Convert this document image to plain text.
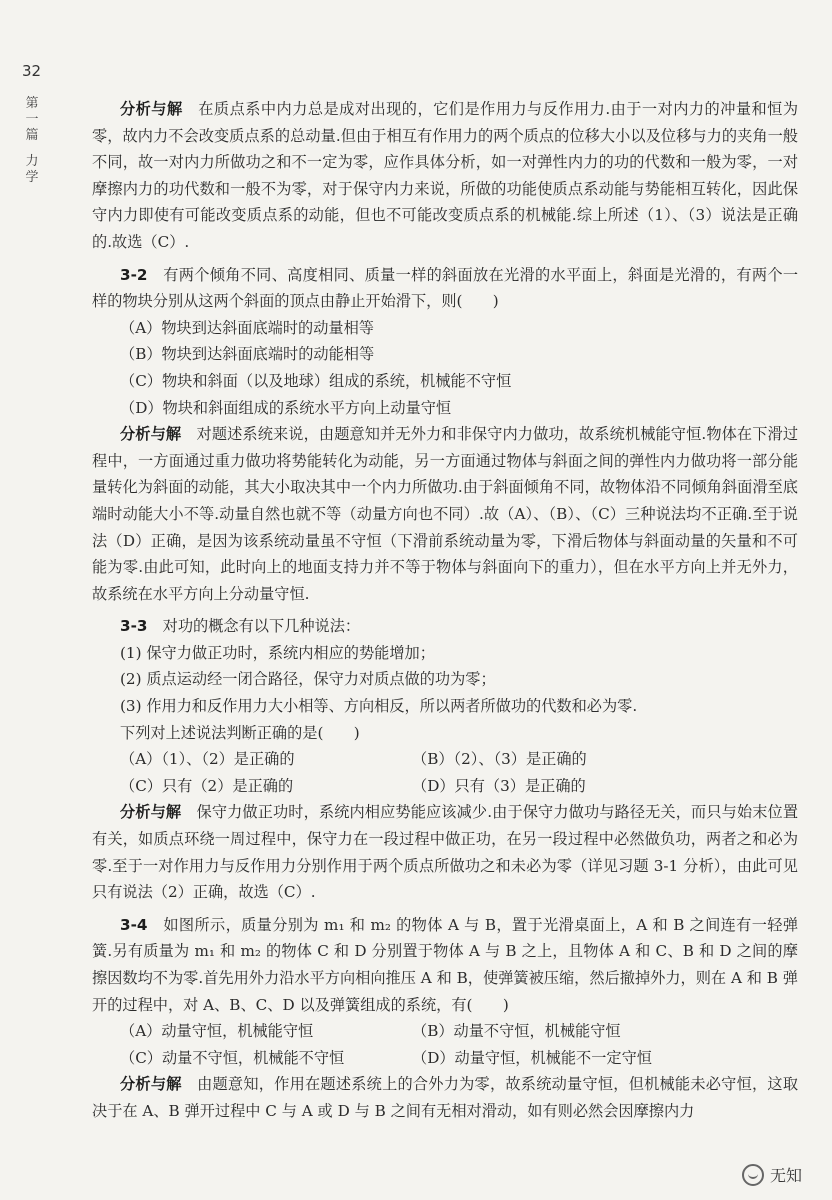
32
第一篇
力学

分析与解　 在质点系中内力总是成对出现的，它们是作用力与反作用力.由于一对内力的冲量和恒为零，故内力不会改变质点系的总动量.但由于相互有作用力的两个质点的位移大小以及位移与力的夹角一般不同，故一对内力所做功之和不一定为零，应作具体分析，如一对弹性内力的功的代数和一般为零，一对摩擦内力的功代数和一般不为零，对于保守内力来说，所做的功能使质点系动能与势能相互转化，因此保守内力即使有可能改变质点系的动能，但也不可能改变质点系的机械能.综上所述（1）、（3）说法是正确的.故选（C）.

3-2　 有两个倾角不同、高度相同、质量一样的斜面放在光滑的水平面上，斜面是光滑的，有两个一样的物块分别从这两个斜面的顶点由静止开始滑下，则(　　)

（A）物块到达斜面底端时的动量相等

（B）物块到达斜面底端时的动能相等

（C）物块和斜面（以及地球）组成的系统，机械能不守恒

（D）物块和斜面组成的系统水平方向上动量守恒

分析与解　 对题述系统来说，由题意知并无外力和非保守内力做功，故系统机械能守恒.物体在下滑过程中，一方面通过重力做功将势能转化为动能，另一方面通过物体与斜面之间的弹性内力做功将一部分能量转化为斜面的动能，其大小取决其中一个内力所做功.由于斜面倾角不同，故物体沿不同倾角斜面滑至底端时动能大小不等.动量自然也就不等（动量方向也不同）.故（A）、（B）、（C）三种说法均不正确.至于说法（D）正确，是因为该系统动量虽不守恒（下滑前系统动量为零，下滑后物体与斜面动量的矢量和不可能为零.由此可知，此时向上的地面支持力并不等于物体与斜面向下的重力），但在水平方向上并无外力，故系统在水平方向上分动量守恒.

3-3　 对功的概念有以下几种说法：

(1) 保守力做正功时，系统内相应的势能增加；

(2) 质点运动经一闭合路径，保守力对质点做的功为零；

(3) 作用力和反作用力大小相等、方向相反，所以两者所做功的代数和必为零.

下列对上述说法判断正确的是(　　)

（A）（1）、（2）是正确的	（B）（2）、（3）是正确的
（C）只有（2）是正确的	（D）只有（3）是正确的

分析与解　 保守力做正功时，系统内相应势能应该减少.由于保守力做功与路径无关，而只与始末位置有关，如质点环绕一周过程中，保守力在一段过程中做正功，在另一段过程中必然做负功，两者之和必为零.至于一对作用力与反作用力分别作用于两个质点所做功之和未必为零（详见习题 3-1 分析），由此可见只有说法（2）正确，故选（C）.

3-4　 如图所示，质量分别为 m₁ 和 m₂ 的物体 A 与 B，置于光滑桌面上，A 和 B 之间连有一轻弹簧.另有质量为 m₁ 和 m₂ 的物体 C 和 D 分别置于物体 A 与 B 之上，且物体 A 和 C、B 和 D 之间的摩擦因数均不为零.首先用外力沿水平方向相向推压 A 和 B，使弹簧被压缩，然后撤掉外力，则在 A 和 B 弹开的过程中，对 A、B、C、D 以及弹簧组成的系统，有(　　)

（A）动量守恒，机械能守恒	（B）动量不守恒，机械能守恒
（C）动量不守恒，机械能不守恒	（D）动量守恒，机械能不一定守恒

分析与解　 由题意知，作用在题述系统上的合外力为零，故系统动量守恒，但机械能未必守恒，这取决于在 A、B 弹开过程中 C 与 A 或 D 与 B 之间有无相对滑动，如有则必然会因摩擦内力

无知
